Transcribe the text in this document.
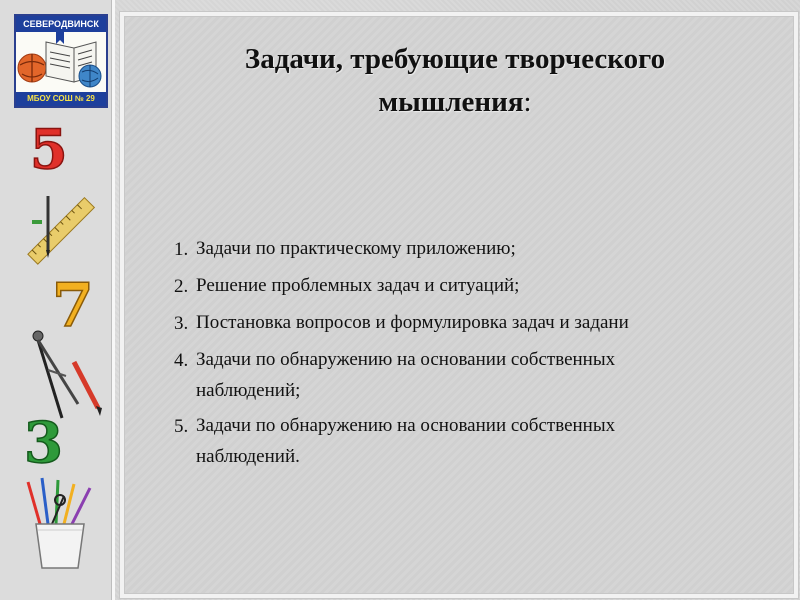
СЕВЕРОДВИНСК
МБОУ СОШ № 29
5
7
3
Задачи, требующие творческого
мышления:
1. Задачи по практическому приложению;
2. Решение проблемных задач и ситуаций;
3. Постановка вопросов и формулировка задач и задани
4. Задачи по обнаружению на основании собственных
наблюдений;
5. Задачи по обнаружению на основании собственных
наблюдений.
